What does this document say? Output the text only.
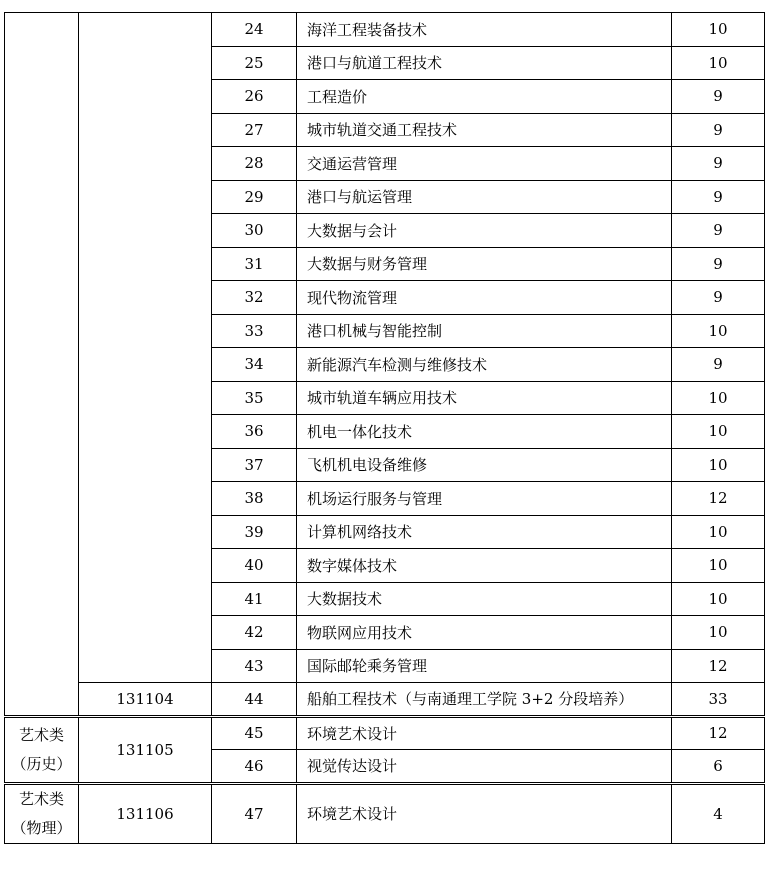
		24	海洋工程装备技术	10
		25	港口与航道工程技术	10
		26	工程造价	9
		27	城市轨道交通工程技术	9
		28	交通运营管理	9
		29	港口与航运管理	9
		30	大数据与会计	9
		31	大数据与财务管理	9
		32	现代物流管理	9
		33	港口机械与智能控制	10
		34	新能源汽车检测与维修技术	9
		35	城市轨道车辆应用技术	10
		36	机电一体化技术	10
		37	飞机机电设备维修	10
		38	机场运行服务与管理	12
		39	计算机网络技术	10
		40	数字媒体技术	10
		41	大数据技术	10
		42	物联网应用技术	10
		43	国际邮轮乘务管理	12
	131104	44	船舶工程技术（与南通理工学院 3+2 分段培养）	33
艺术类
（历史）	131105	45	环境艺术设计	12
		46	视觉传达设计	6
艺术类
（物理）	131106	47	环境艺术设计	4
